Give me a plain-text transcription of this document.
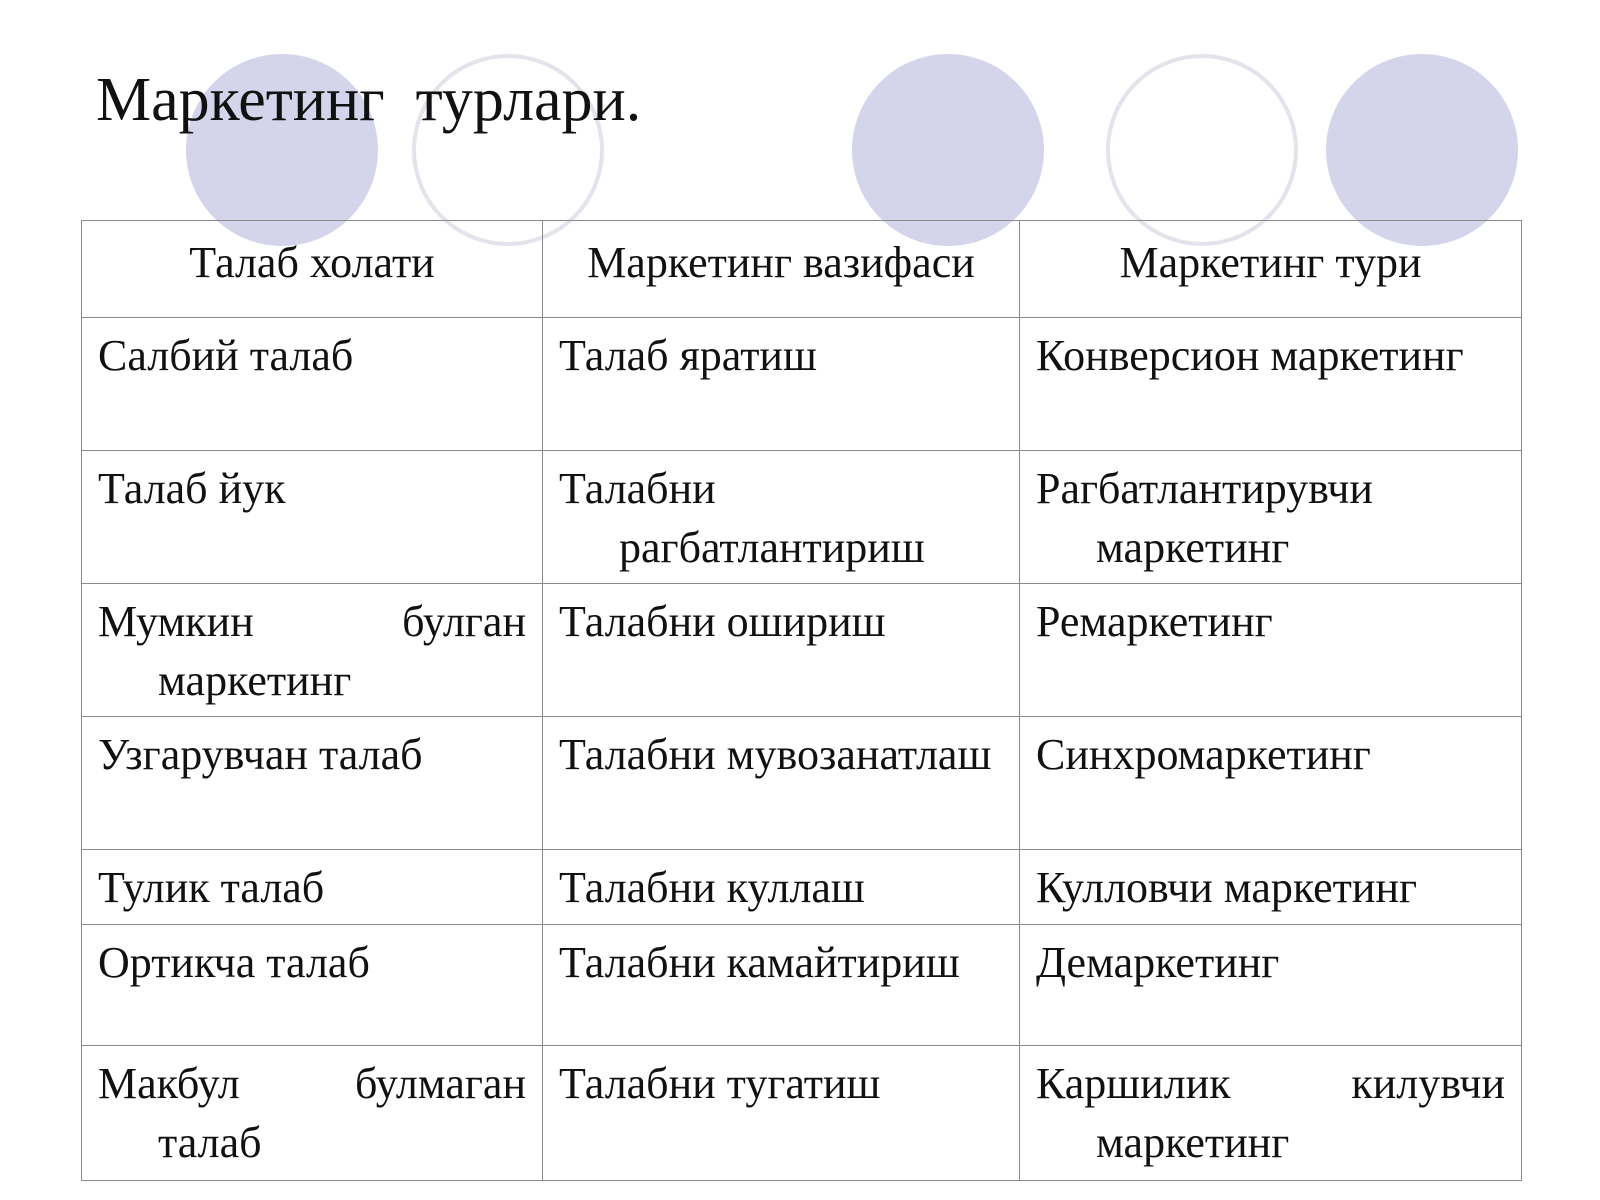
Маркетинг  турлари.
Талаб холати	Маркетинг вазифаси	Маркетинг тури

Салбий талаб	Талаб яратиш	Конверсион маркетинг

Талаб йук	Талабни рагбатлантириш	Рагбатлантирувчи маркетинг

Мумкин булган маркетинг	Талабни ошириш	Ремаркетинг

Узгарувчан талаб	Талабни мувозанатлаш	Синхромаркетинг

Тулик талаб	Талабни куллаш	Кулловчи маркетинг

Ортикча талаб	Талабни камайтириш	Демаркетинг

Макбул булмаган талаб	Талабни тугатиш	Каршилик килувчи маркетинг
